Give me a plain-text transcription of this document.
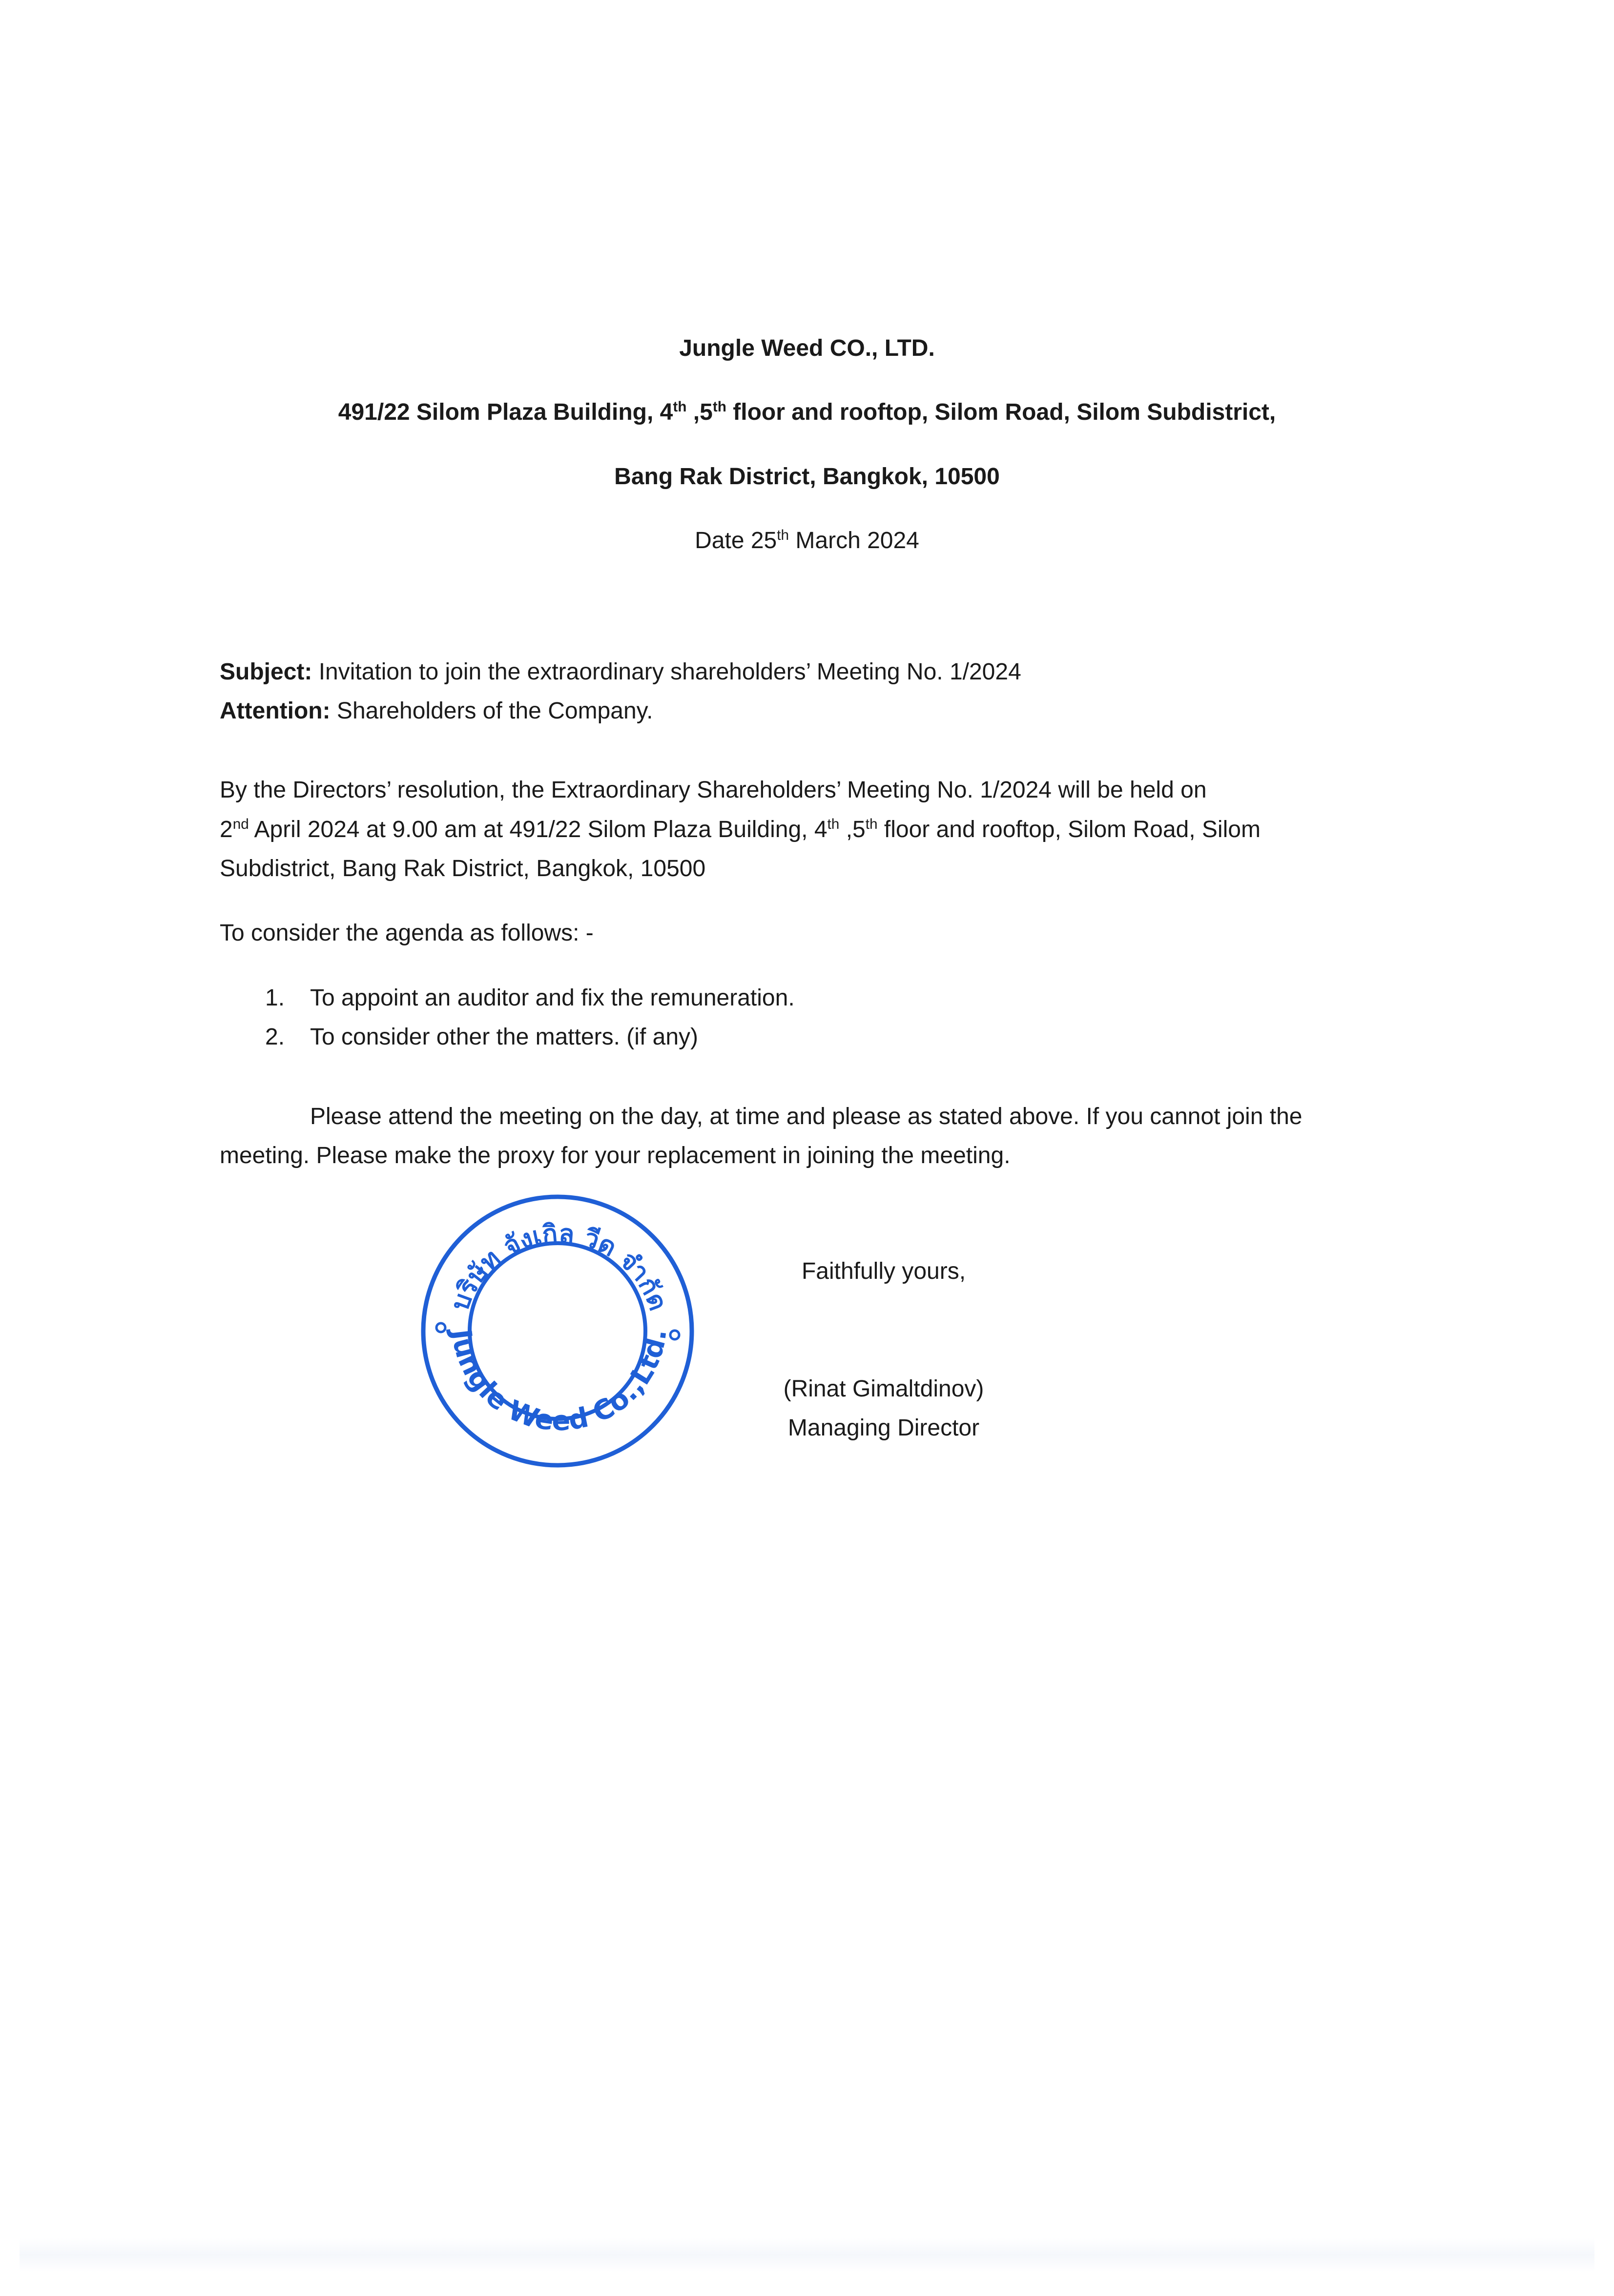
Jungle Weed CO., LTD.
491/22 Silom Plaza Building, 4th ,5th floor and rooftop, Silom Road, Silom Subdistrict,
Bang Rak District, Bangkok, 10500
Date 25th March 2024
Subject: Invitation to join the extraordinary shareholders’ Meeting No. 1/2024
Attention: Shareholders of the Company.
By the Directors’ resolution, the Extraordinary Shareholders’ Meeting No. 1/2024 will be held on
2nd April 2024 at 9.00 am at 491/22 Silom Plaza Building, 4th ,5th floor and rooftop, Silom Road, Silom
Subdistrict, Bang Rak District, Bangkok, 10500
To consider the agenda as follows: -
1. To appoint an auditor and fix the remuneration.
2. To consider other the matters. (if any)
Please attend the meeting on the day, at time and please as stated above. If you cannot join the
meeting. Please make the proxy for your replacement in joining the meeting.
บริษัท จังเกิล วีด จำกัด
Jungle Weed Co.,Ltd.
Faithfully yours,
(Rinat Gimaltdinov)
Managing Director
